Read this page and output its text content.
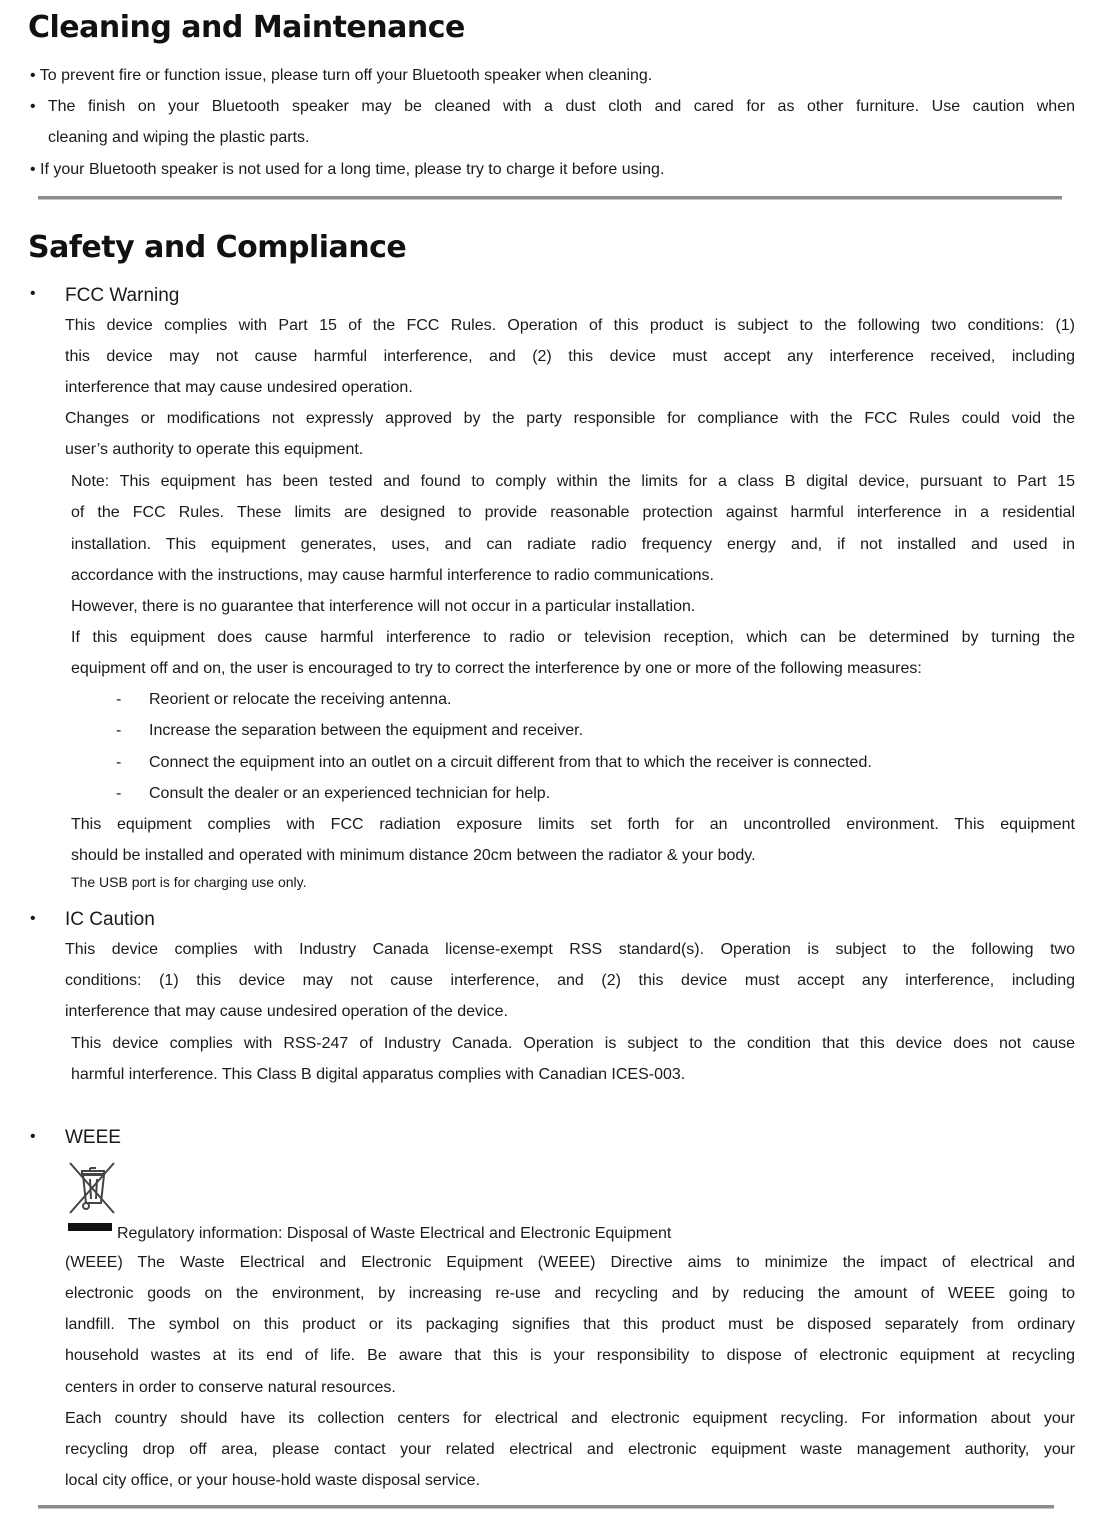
Cleaning and Maintenance

• To prevent fire or function issue, please turn off your Bluetooth speaker when cleaning.

• The finish on your Bluetooth speaker may be cleaned with a dust cloth and cared for as other furniture. Use caution when

cleaning and wiping the plastic parts.

• If your Bluetooth speaker is not used for a long time, please try to charge it before using.

Safety and Compliance
• FCC Warning

This device complies with Part 15 of the FCC Rules. Operation of this product is subject to the following two conditions: (1)

this device may not cause harmful interference, and (2) this device must accept any interference received, including

interference that may cause undesired operation.

Changes or modifications not expressly approved by the party responsible for compliance with the FCC Rules could void the

user’s authority to operate this equipment.

Note: This equipment has been tested and found to comply within the limits for a class B digital device, pursuant to Part 15

of the FCC Rules. These limits are designed to provide reasonable protection against harmful interference in a residential

installation. This equipment generates, uses, and can radiate radio frequency energy and, if not installed and used in

accordance with the instructions, may cause harmful interference to radio communications.

However, there is no guarantee that interference will not occur in a particular installation.

If this equipment does cause harmful interference to radio or television reception, which can be determined by turning the

equipment off and on, the user is encouraged to try to correct the interference by one or more of the following measures:

- Reorient or relocate the receiving antenna.

- Increase the separation between the equipment and receiver.

- Connect the equipment into an outlet on a circuit different from that to which the receiver is connected.

- Consult the dealer or an experienced technician for help.

This equipment complies with FCC radiation exposure limits set forth for an uncontrolled environment. This equipment

should be installed and operated with minimum distance 20cm between the radiator & your body.

The USB port is for charging use only.

• IC Caution

This device complies with Industry Canada license-exempt RSS standard(s). Operation is subject to the following two

conditions: (1) this device may not cause interference, and (2) this device must accept any interference, including

interference that may cause undesired operation of the device.

This device complies with RSS-247 of Industry Canada. Operation is subject to the condition that this device does not cause

harmful interference. This Class B digital apparatus complies with Canadian ICES-003.

• WEEE

Regulatory information: Disposal of Waste Electrical and Electronic Equipment

(WEEE) The Waste Electrical and Electronic Equipment (WEEE) Directive aims to minimize the impact of electrical and

electronic goods on the environment, by increasing re-use and recycling and by reducing the amount of WEEE going to

landfill. The symbol on this product or its packaging signifies that this product must be disposed separately from ordinary

household wastes at its end of life. Be aware that this is your responsibility to dispose of electronic equipment at recycling

centers in order to conserve natural resources.

Each country should have its collection centers for electrical and electronic equipment recycling. For information about your

recycling drop off area, please contact your related electrical and electronic equipment waste management authority, your

local city office, or your house-hold waste disposal service.
